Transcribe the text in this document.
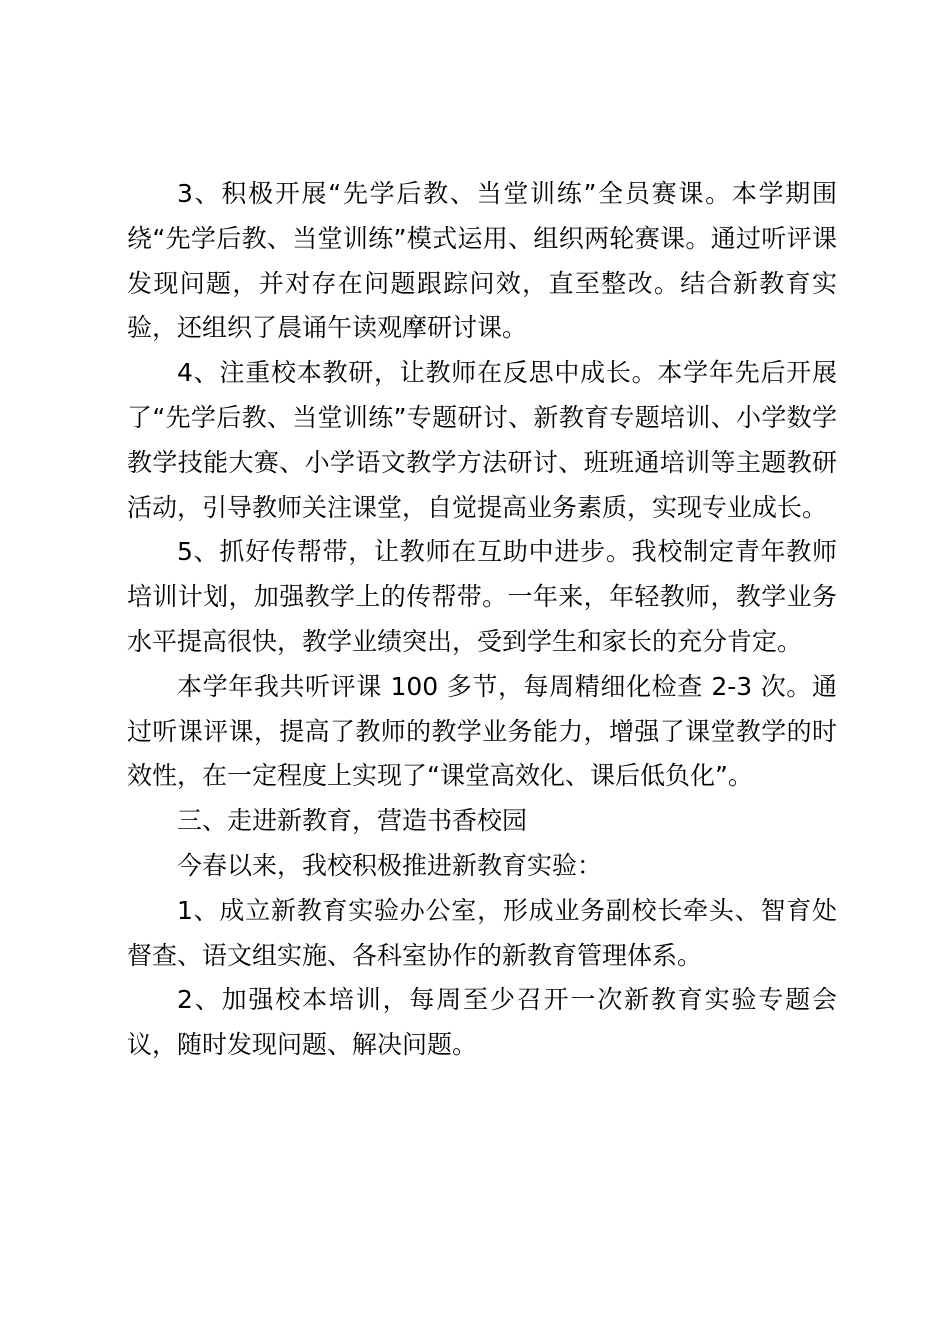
3、积极开展“先学后教、当堂训练”全员赛课。本学期围绕“先学后教、当堂训练”模式运用、组织两轮赛课。通过听评课发现问题，并对存在问题跟踪问效，直至整改。结合新教育实验，还组织了晨诵午读观摩研讨课。

4、注重校本教研，让教师在反思中成长。本学年先后开展了“先学后教、当堂训练”专题研讨、新教育专题培训、小学数学教学技能大赛、小学语文教学方法研讨、班班通培训等主题教研活动，引导教师关注课堂，自觉提高业务素质，实现专业成长。

5、抓好传帮带，让教师在互助中进步。我校制定青年教师培训计划，加强教学上的传帮带。一年来，年轻教师，教学业务水平提高很快，教学业绩突出，受到学生和家长的充分肯定。

本学年我共听评课 100 多节，每周精细化检查 2-3 次。通过听课评课，提高了教师的教学业务能力，增强了课堂教学的时效性，在一定程度上实现了“课堂高效化、课后低负化”。

三、走进新教育，营造书香校园

今春以来，我校积极推进新教育实验：

1、成立新教育实验办公室，形成业务副校长牵头、智育处督查、语文组实施、各科室协作的新教育管理体系。

2、加强校本培训，每周至少召开一次新教育实验专题会议，随时发现问题、解决问题。
